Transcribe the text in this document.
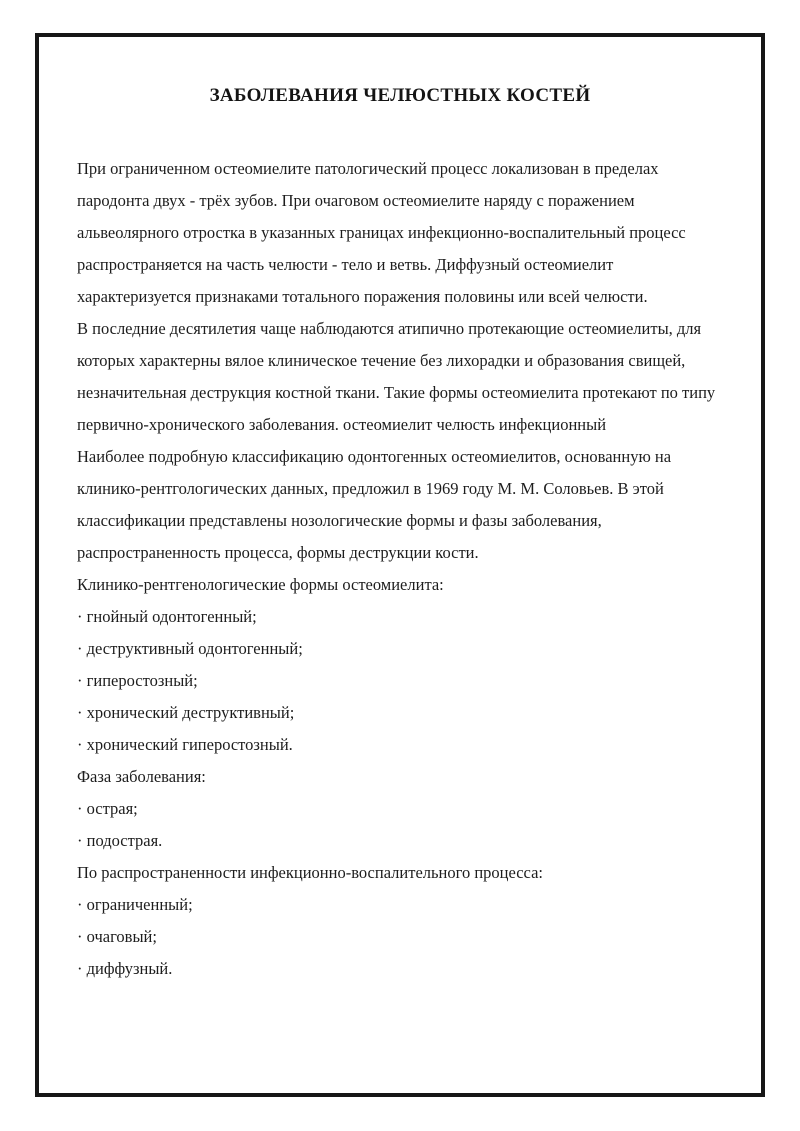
ЗАБОЛЕВАНИЯ ЧЕЛЮСТНЫХ КОСТЕЙ

При ограниченном остеомиелите патологический процесс локализован в пределах пародонта двух - трёх зубов. При очаговом остеомиелите наряду с поражением альвеолярного отростка в указанных границах инфекционно-воспалительный процесс распространяется на часть челюсти - тело и ветвь. Диффузный остеомиелит характеризуется признаками тотального поражения половины или всей челюсти.

В последние десятилетия чаще наблюдаются атипично протекающие остеомиелиты, для которых характерны вялое клиническое течение без лихорадки и образования свищей, незначительная деструкция костной ткани. Такие формы остеомиелита протекают по типу первично-хронического заболевания. остеомиелит челюсть инфекционный

Наиболее подробную классификацию одонтогенных остеомиелитов, основанную на клинико-рентгологических данных, предложил в 1969 году М. М. Соловьев. В этой классификации представлены нозологические формы и фазы заболевания, распространенность процесса, формы деструкции кости.

Клинико-рентгенологические формы остеомиелита:

· гнойный одонтогенный;

· деструктивный одонтогенный;

· гиперостозный;

· хронический деструктивный;

· хронический гиперостозный.

Фаза заболевания:

· острая;

· подострая.

По распространенности инфекционно-воспалительного процесса:

· ограниченный;

· очаговый;

· диффузный.
